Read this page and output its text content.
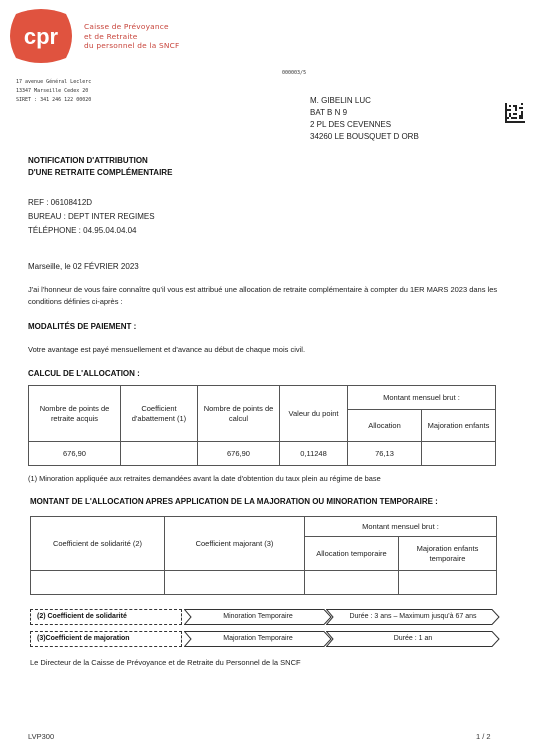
cpr	Caisse de Prévoyance
et de Retraite
du personnel de la SNCF
17 avenue Général Leclerc
13347 Marseille Cedex 20
SIRET : 341 246 122 00020
000003/5
M. GIBELIN LUC
BAT B N 9
2 PL DES CEVENNES
34260 LE BOUSQUET D ORB
NOTIFICATION D'ATTRIBUTION
D'UNE RETRAITE COMPLÉMENTAIRE
REF : 06108412D
BUREAU : DEPT INTER REGIMES
TÉLÉPHONE : 04.95.04.04.04
Marseille, le 02 FÉVRIER 2023
J'ai l'honneur de vous faire connaître qu'il vous est attribué une allocation de retraite complémentaire à compter du 1ER MARS 2023 dans les conditions définies ci-après :
MODALITÉS DE PAIEMENT :
Votre avantage est payé mensuellement et d'avance au début de chaque mois civil.
CALCUL DE L'ALLOCATION :
Nombre de points de retraite acquis	Coefficient d'abattement (1)	Nombre de points de calcul	Valeur du point	Montant mensuel brut :	
				Allocation	Majoration enfants
676,90		676,90	0,11248	76,13	
(1) Minoration appliquée aux retraites demandées avant la date d'obtention du taux plein au régime de base
MONTANT DE L'ALLOCATION APRES APPLICATION DE LA MAJORATION OU MINORATION TEMPORAIRE :
Coefficient de solidarité (2)	Coefficient majorant (3)	Montant mensuel brut :	
		Allocation temporaire	Majoration enfants temporaire

(2) Coefficient de solidarité	Minoration Temporaire	Durée : 3 ans – Maximum jusqu'à 67 ans
(3)Coefficient de majoration	Majoration Temporaire	Durée : 1 an
Le Directeur de la Caisse de Prévoyance et de Retraite du Personnel de la SNCF
LVP300	1 / 2
